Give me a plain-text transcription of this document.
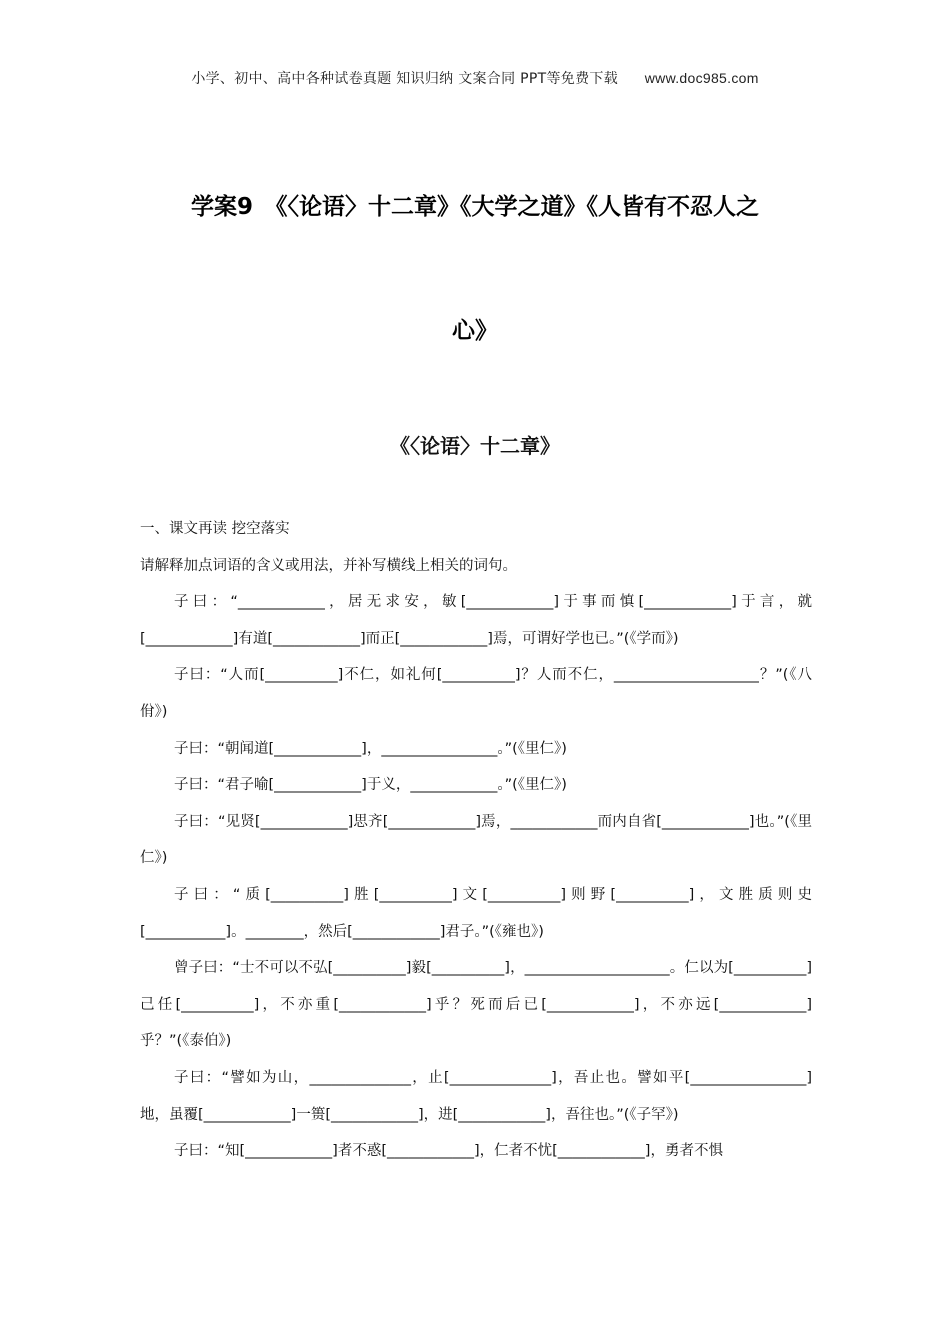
小学、初中、高中各种试卷真题 知识归纳 文案合同 PPT等免费下载 www.doc985.com
学案9　《〈论语〉十二章》《大学之道》《人皆有不忍人之
心》
《〈论语〉十二章》

一、课文再读 挖空落实

请解释加点词语的含义或用法，并补写横线上相关的词句。

子曰：“____________，居无求安，敏[____________]于事而慎[____________]于言，就[____________]有道[____________]而正[____________]焉，可谓好学也已。”(《学而》)

子曰：“人而[__________]不仁，如礼何[__________]？人而不仁，____________________？”(《八佾》)

子曰：“朝闻道[____________]，________________。”(《里仁》)

子曰：“君子喻[____________]于义，____________。”(《里仁》)

子曰：“见贤[____________]思齐[____________]焉，____________而内自省[____________]也。”(《里仁》)

子曰：“质[__________]胜[__________]文[__________]则野[__________]，文胜质则史[___________]。________，然后[____________]君子。”(《雍也》)

曾子曰：“士不可以不弘[__________]毅[__________]，____________________。仁以为[__________]己任[__________]，不亦重[____________]乎？死而后已[____________]，不亦远[____________]乎？”(《泰伯》)

子曰：“譬如为山，______________，止[______________]，吾止也。譬如平[________________]地，虽覆[____________]一篑[____________]，进[____________]，吾往也。”(《子罕》)

子曰：“知[____________]者不惑[____________]，仁者不忧[____________]，勇者不惧
